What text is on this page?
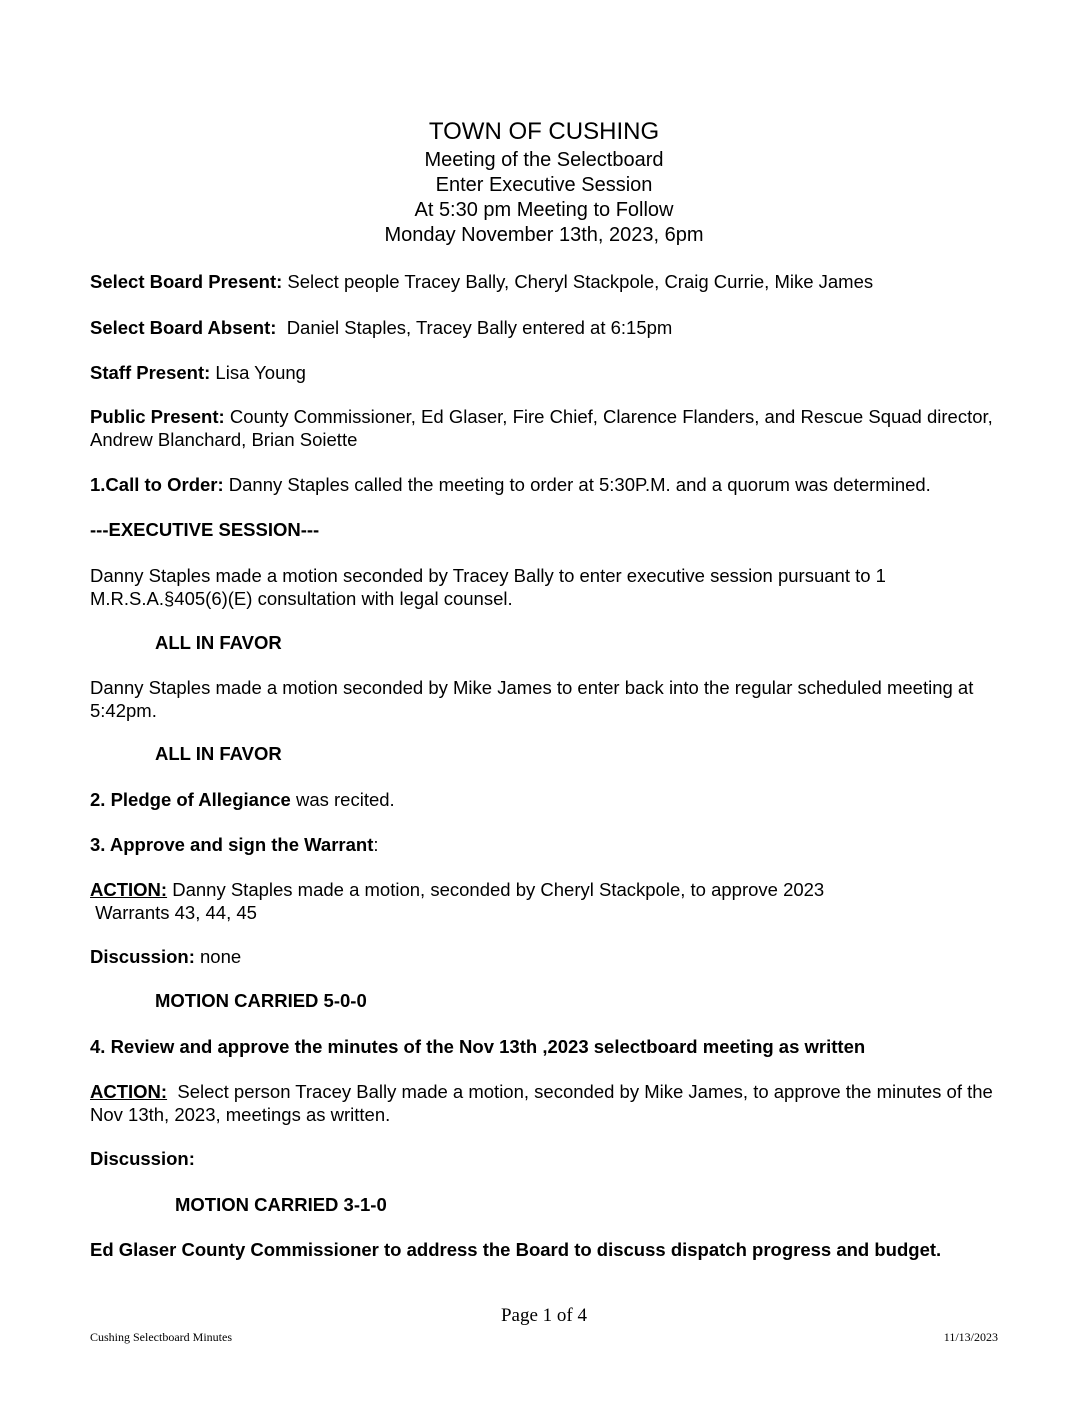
TOWN OF CUSHING
Meeting of the Selectboard
Enter Executive Session
At 5:30 pm Meeting to Follow
Monday November 13th, 2023, 6pm
Select Board Present: Select people Tracey Bally, Cheryl Stackpole, Craig Currie, Mike James
Select Board Absent:  Daniel Staples, Tracey Bally entered at 6:15pm
Staff Present: Lisa Young
Public Present: County Commissioner, Ed Glaser, Fire Chief, Clarence Flanders, and Rescue Squad director, Andrew Blanchard, Brian Soiette
1.Call to Order: Danny Staples called the meeting to order at 5:30P.M. and a quorum was determined.
---EXECUTIVE SESSION---
Danny Staples made a motion seconded by Tracey Bally to enter executive session pursuant to 1 M.R.S.A.§405(6)(E) consultation with legal counsel.
ALL IN FAVOR
Danny Staples made a motion seconded by Mike James to enter back into the regular scheduled meeting at 5:42pm.
ALL IN FAVOR
2. Pledge of Allegiance was recited.
3. Approve and sign the Warrant:
ACTION: Danny Staples made a motion, seconded by Cheryl Stackpole, to approve 2023
Warrants 43, 44, 45
Discussion: none
MOTION CARRIED 5-0-0
4. Review and approve the minutes of the Nov 13th ,2023 selectboard meeting as written
ACTION:  Select person Tracey Bally made a motion, seconded by Mike James, to approve the minutes of the Nov 13th, 2023, meetings as written.
Discussion:
MOTION CARRIED 3-1-0
Ed Glaser County Commissioner to address the Board to discuss dispatch progress and budget.
Page 1 of 4
Cushing Selectboard Minutes	11/13/2023
